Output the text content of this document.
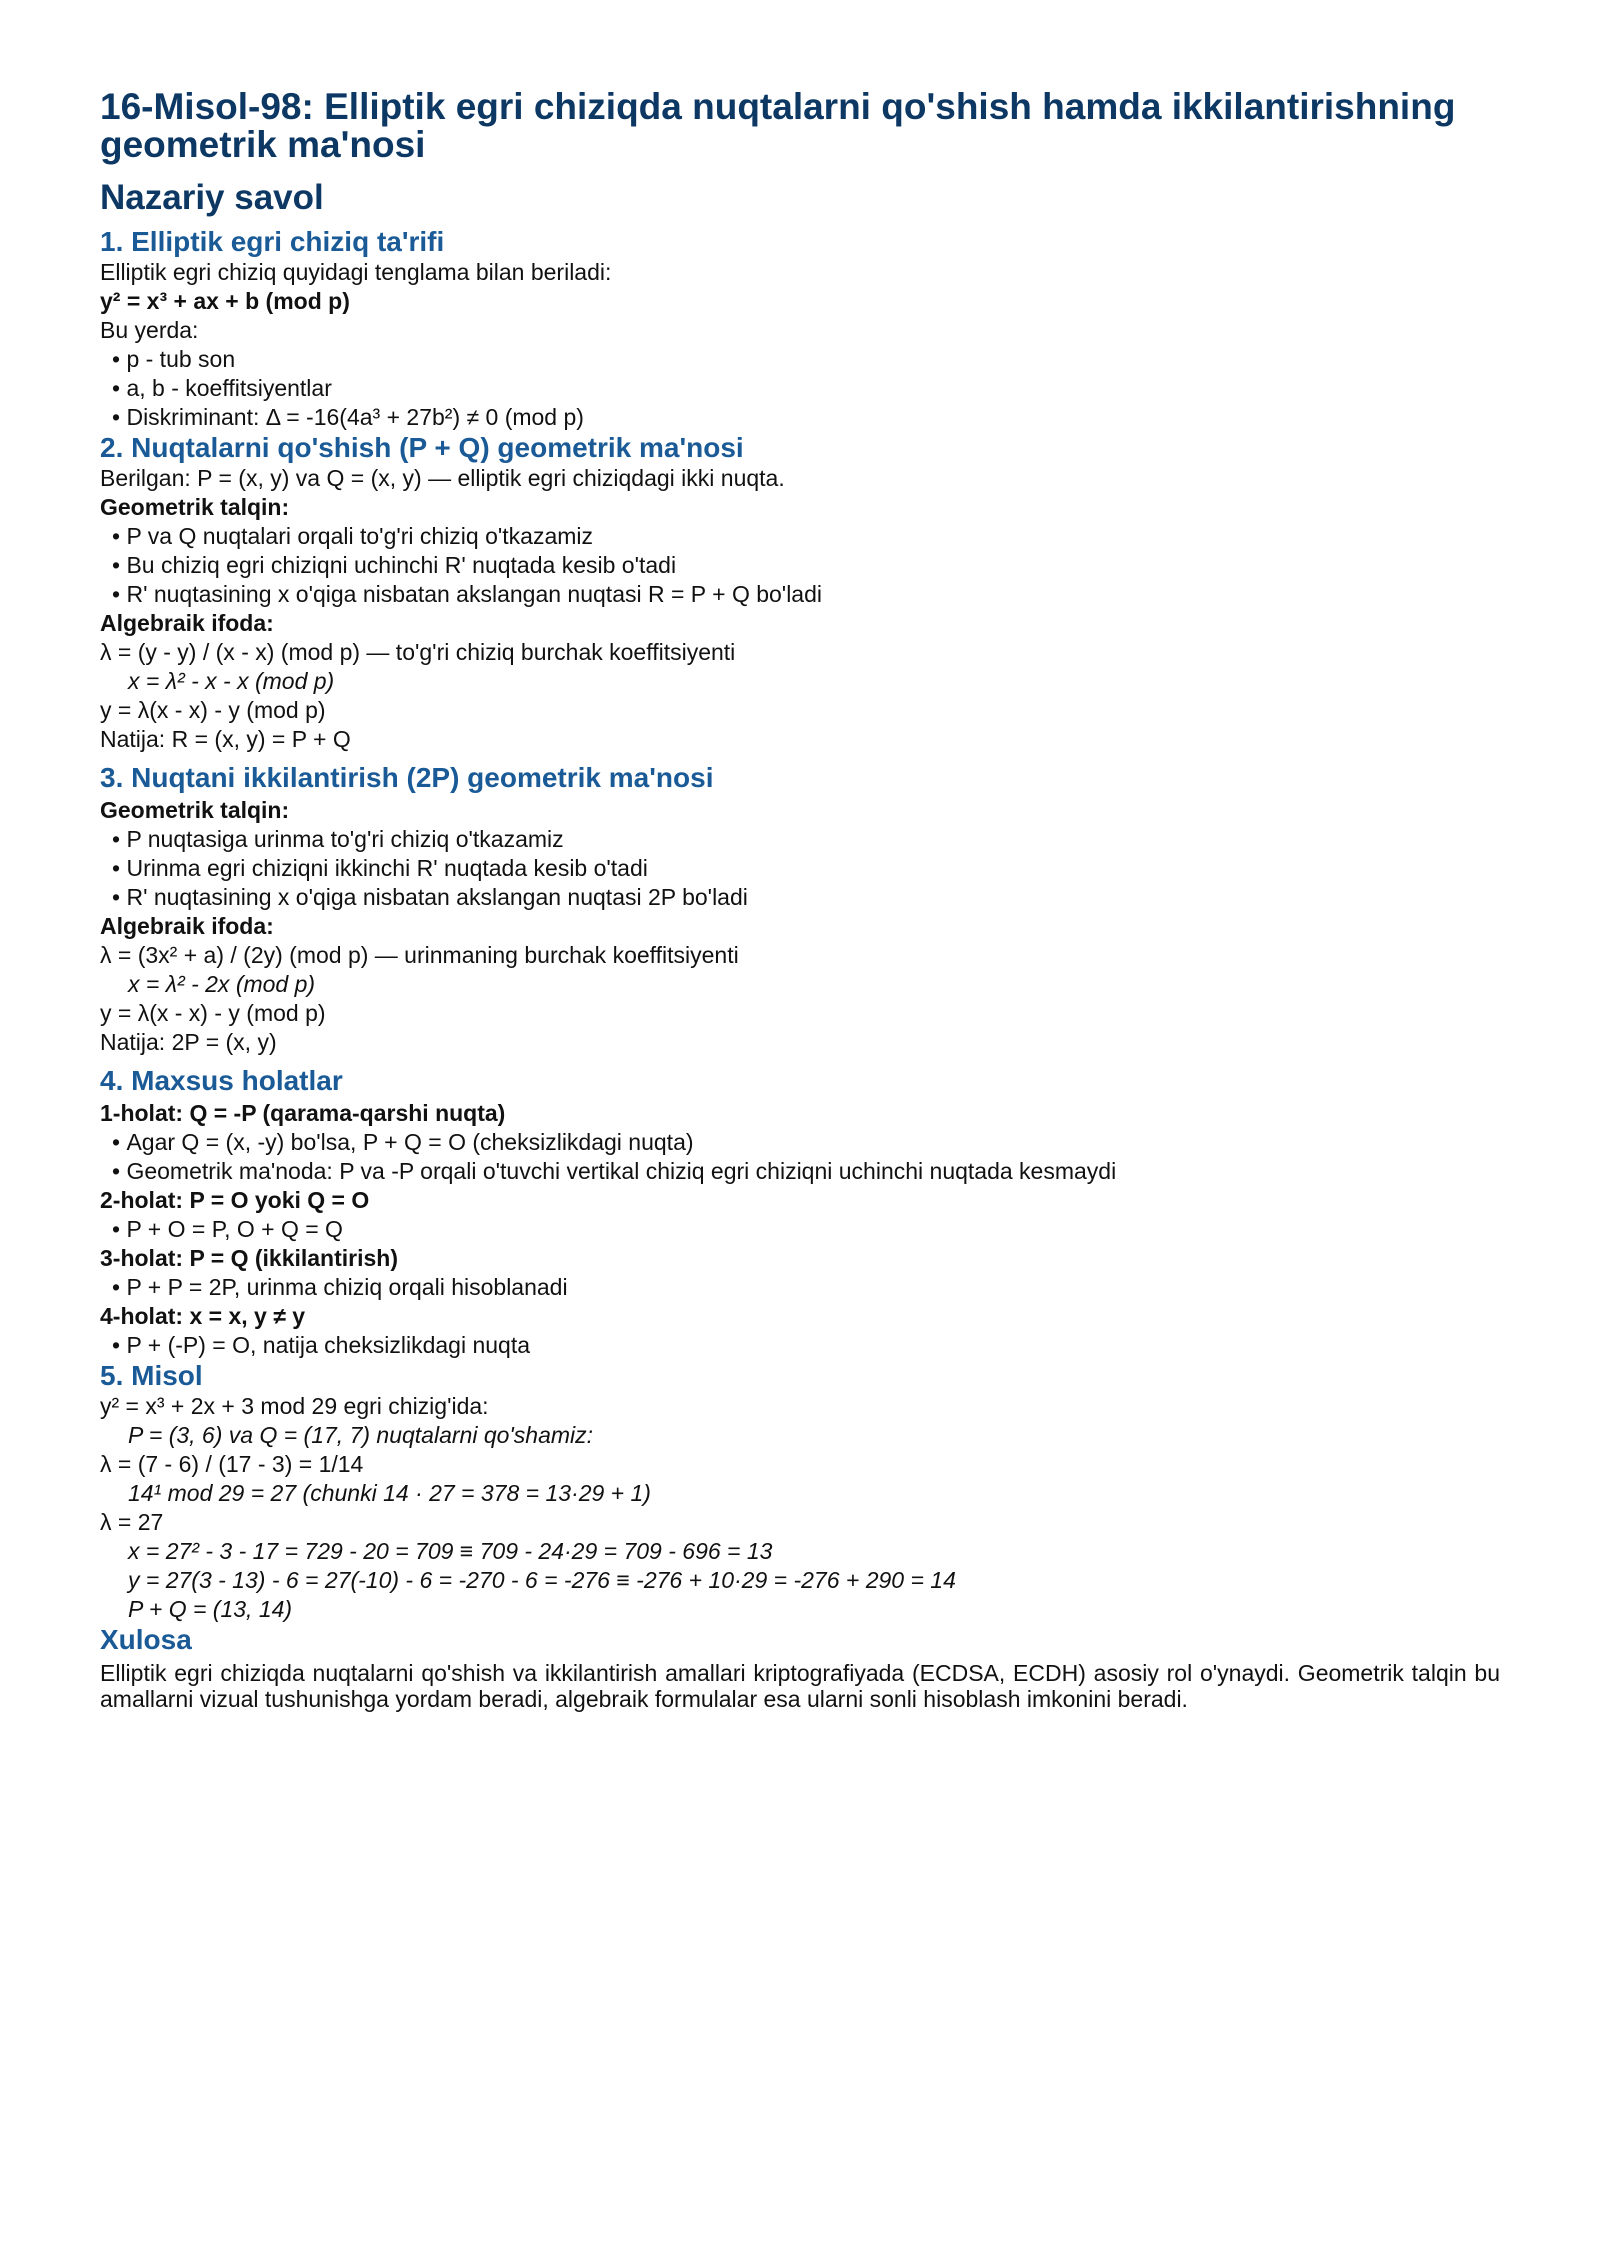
16-Misol-98: Elliptik egri chiziqda nuqtalarni qo'shish hamda ikkilantirishning geometrik ma'nosi
Nazariy savol
1. Elliptik egri chiziq ta'rifi
Elliptik egri chiziq quyidagi tenglama bilan beriladi:
y² = x³ + ax + b (mod p)
Bu yerda:
• p - tub son
• a, b - koeffitsiyentlar
• Diskriminant: Δ = -16(4a³ + 27b²) ≠ 0 (mod p)
2. Nuqtalarni qo'shish (P + Q) geometrik ma'nosi
Berilgan: P = (x, y) va Q = (x, y) — elliptik egri chiziqdagi ikki nuqta.
Geometrik talqin:
• P va Q nuqtalari orqali to'g'ri chiziq o'tkazamiz
• Bu chiziq egri chiziqni uchinchi R' nuqtada kesib o'tadi
• R' nuqtasining x o'qiga nisbatan akslangan nuqtasi R = P + Q bo'ladi
Algebraik ifoda:
λ = (y - y) / (x - x) (mod p) — to'g'ri chiziq burchak koeffitsiyenti
x = λ² - x - x (mod p)
y = λ(x - x) - y (mod p)
Natija: R = (x, y) = P + Q
3. Nuqtani ikkilantirish (2P) geometrik ma'nosi
Geometrik talqin:
• P nuqtasiga urinma to'g'ri chiziq o'tkazamiz
• Urinma egri chiziqni ikkinchi R' nuqtada kesib o'tadi
• R' nuqtasining x o'qiga nisbatan akslangan nuqtasi 2P bo'ladi
Algebraik ifoda:
λ = (3x² + a) / (2y) (mod p) — urinmaning burchak koeffitsiyenti
x = λ² - 2x (mod p)
y = λ(x - x) - y (mod p)
Natija: 2P = (x, y)
4. Maxsus holatlar
1-holat: Q = -P (qarama-qarshi nuqta)
• Agar Q = (x, -y) bo'lsa, P + Q = O (cheksizlikdagi nuqta)
• Geometrik ma'noda: P va -P orqali o'tuvchi vertikal chiziq egri chiziqni uchinchi nuqtada kesmaydi
2-holat: P = O yoki Q = O
• P + O = P, O + Q = Q
3-holat: P = Q (ikkilantirish)
• P + P = 2P, urinma chiziq orqali hisoblanadi
4-holat: x = x, y ≠ y
• P + (-P) = O, natija cheksizlikdagi nuqta
5. Misol
y² = x³ + 2x + 3 mod 29 egri chizig'ida:
P = (3, 6) va Q = (17, 7) nuqtalarni qo'shamiz:
λ = (7 - 6) / (17 - 3) = 1/14
14¹ mod 29 = 27 (chunki 14 · 27 = 378 = 13·29 + 1)
λ = 27
x = 27² - 3 - 17 = 729 - 20 = 709 ≡ 709 - 24·29 = 709 - 696 = 13
y = 27(3 - 13) - 6 = 27(-10) - 6 = -270 - 6 = -276 ≡ -276 + 10·29 = -276 + 290 = 14
P + Q = (13, 14)
Xulosa
Elliptik egri chiziqda nuqtalarni qo'shish va ikkilantirish amallari kriptografiyada (ECDSA, ECDH) asosiy rol o'ynaydi. Geometrik talqin bu amallarni vizual tushunishga yordam beradi, algebraik formulalar esa ularni sonli hisoblash imkonini beradi.
